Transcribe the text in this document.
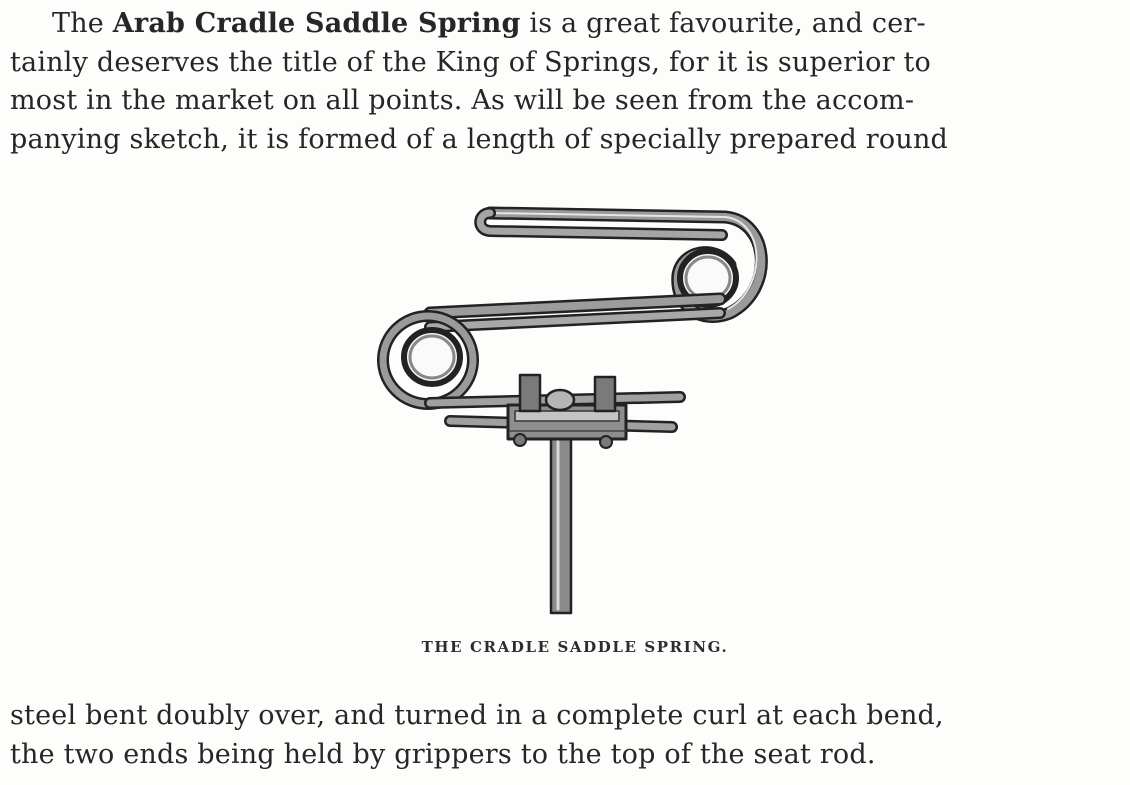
The Arab Cradle Saddle Spring is a great favourite, and cer-
tainly deserves the title of the King of Springs, for it is superior to
most in the market on all points. As will be seen from the accom-
panying sketch, it is formed of a length of specially prepared round
THE CRADLE SADDLE SPRING.
steel bent doubly over, and turned in a complete curl at each bend,
the two ends being held by grippers to the top of the seat rod.
